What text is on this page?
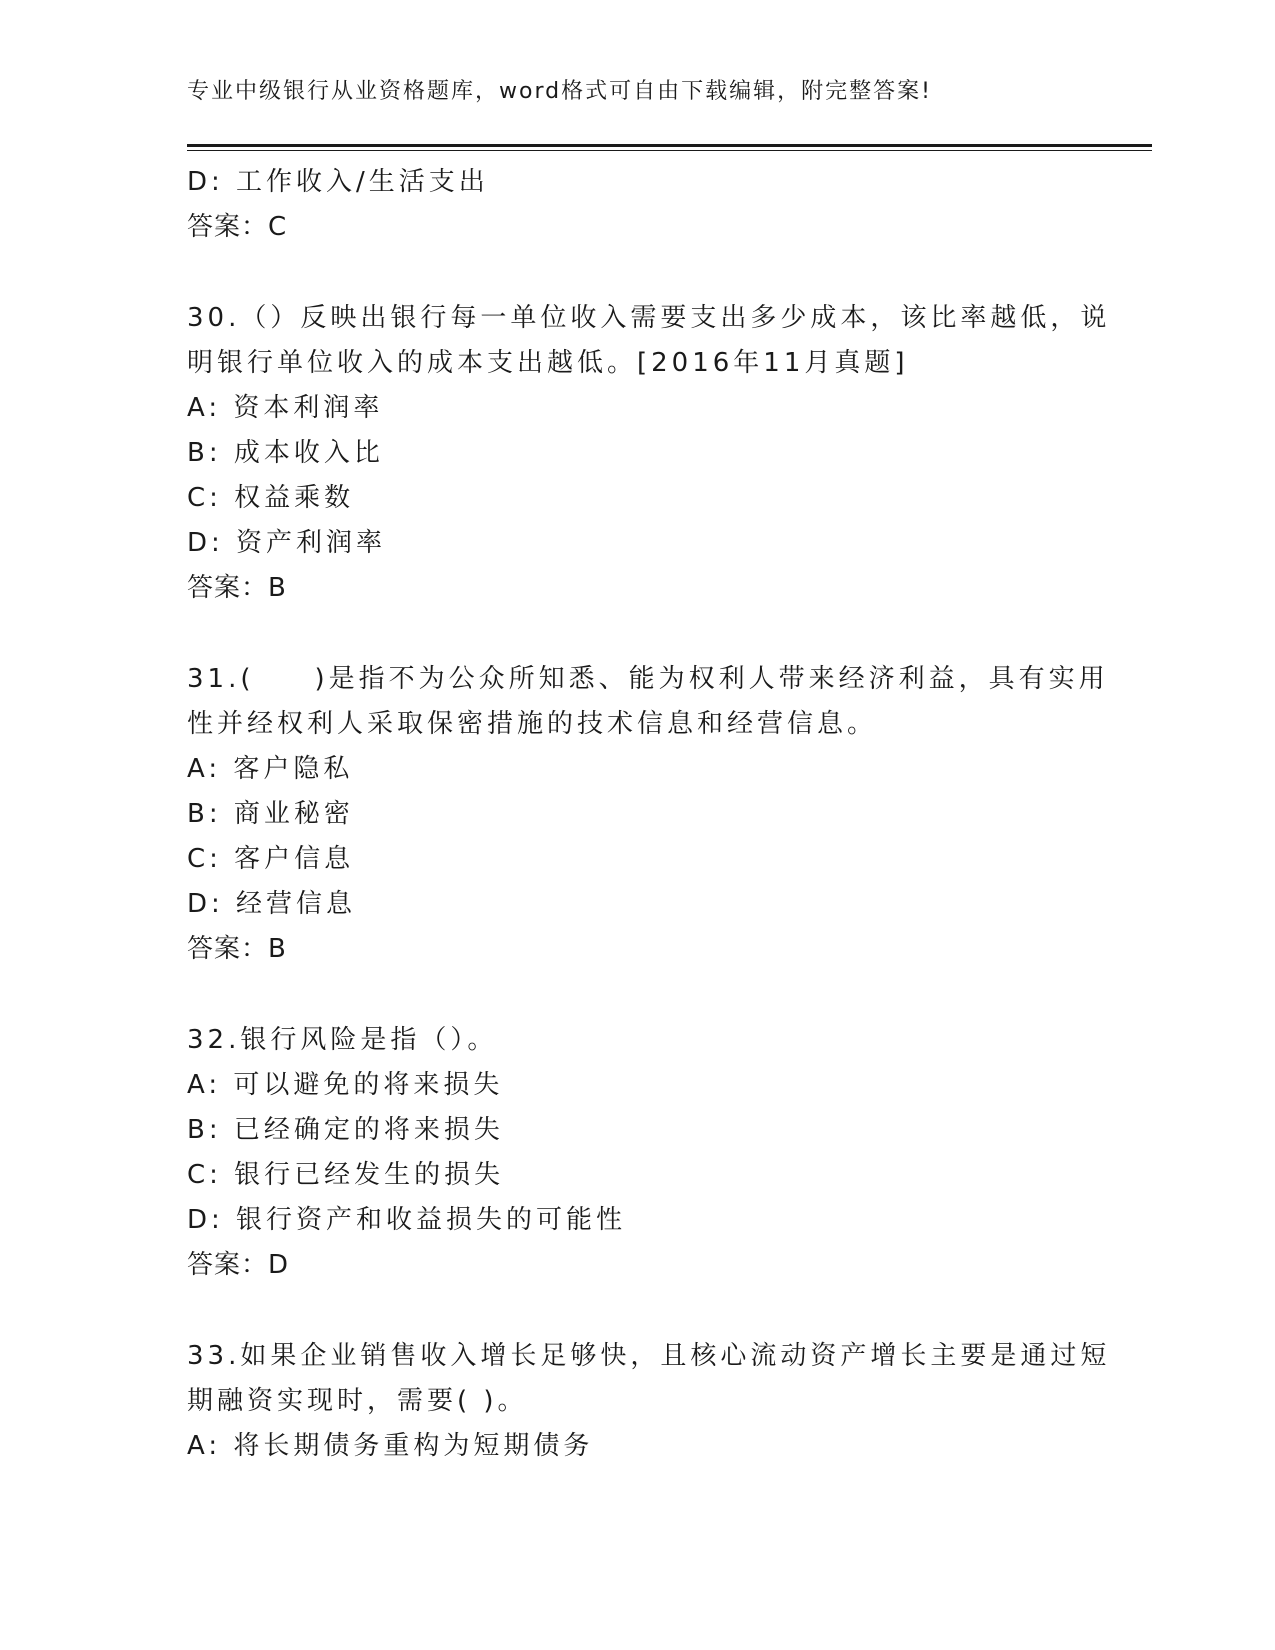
专业中级银行从业资格题库，word格式可自由下载编辑，附完整答案!
D: 工作收入/生活支出
答案：C
30.（）反映出银行每一单位收入需要支出多少成本，该比率越低，说
明银行单位收入的成本支出越低。[2016年11月真题]
A: 资本利润率
B: 成本收入比
C: 权益乘数
D: 资产利润率
答案：B
31.(　　)是指不为公众所知悉、能为权利人带来经济利益，具有实用
性并经权利人采取保密措施的技术信息和经营信息。
A: 客户隐私
B: 商业秘密
C: 客户信息
D: 经营信息
答案：B
32.银行风险是指（）。
A: 可以避免的将来损失
B: 已经确定的将来损失
C: 银行已经发生的损失
D: 银行资产和收益损失的可能性
答案：D
33.如果企业销售收入增长足够快，且核心流动资产增长主要是通过短
期融资实现时，需要( )。
A: 将长期债务重构为短期债务
